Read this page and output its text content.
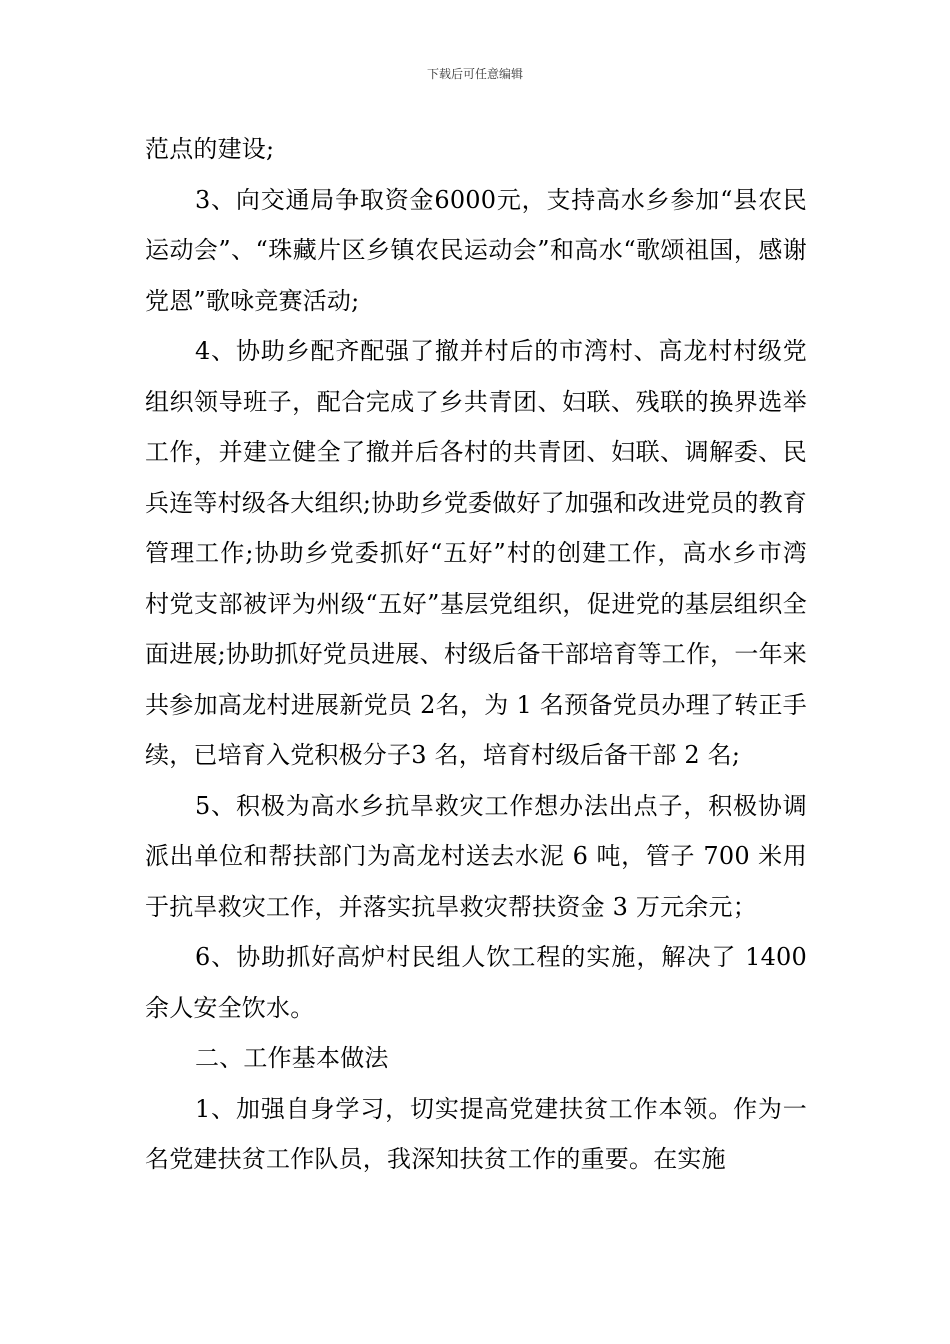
下载后可任意编辑

范点的建设;

3、向交通局争取资金6000元，支持高水乡参加“县农民运动会”、“珠藏片区乡镇农民运动会”和高水“歌颂祖国，感谢党恩”歌咏竞赛活动;

4、协助乡配齐配强了撤并村后的市湾村、高龙村村级党组织领导班子，配合完成了乡共青团、妇联、残联的换界选举工作，并建立健全了撤并后各村的共青团、妇联、调解委、民兵连等村级各大组织;协助乡党委做好了加强和改进党员的教育管理工作;协助乡党委抓好“五好”村的创建工作，高水乡市湾村党支部被评为州级“五好”基层党组织，促进党的基层组织全面进展;协助抓好党员进展、村级后备干部培育等工作，一年来共参加高龙村进展新党员 2名，为 1 名预备党员办理了转正手续，已培育入党积极分子3 名，培育村级后备干部 2 名;

5、积极为高水乡抗旱救灾工作想办法出点子，积极协调派出单位和帮扶部门为高龙村送去水泥 6 吨，管子 700 米用于抗旱救灾工作，并落实抗旱救灾帮扶资金 3 万元余元；

6、协助抓好高炉村民组人饮工程的实施，解决了 1400余人安全饮水。

二、工作基本做法

1、加强自身学习，切实提高党建扶贫工作本领。作为一名党建扶贫工作队员，我深知扶贫工作的重要。在实施
